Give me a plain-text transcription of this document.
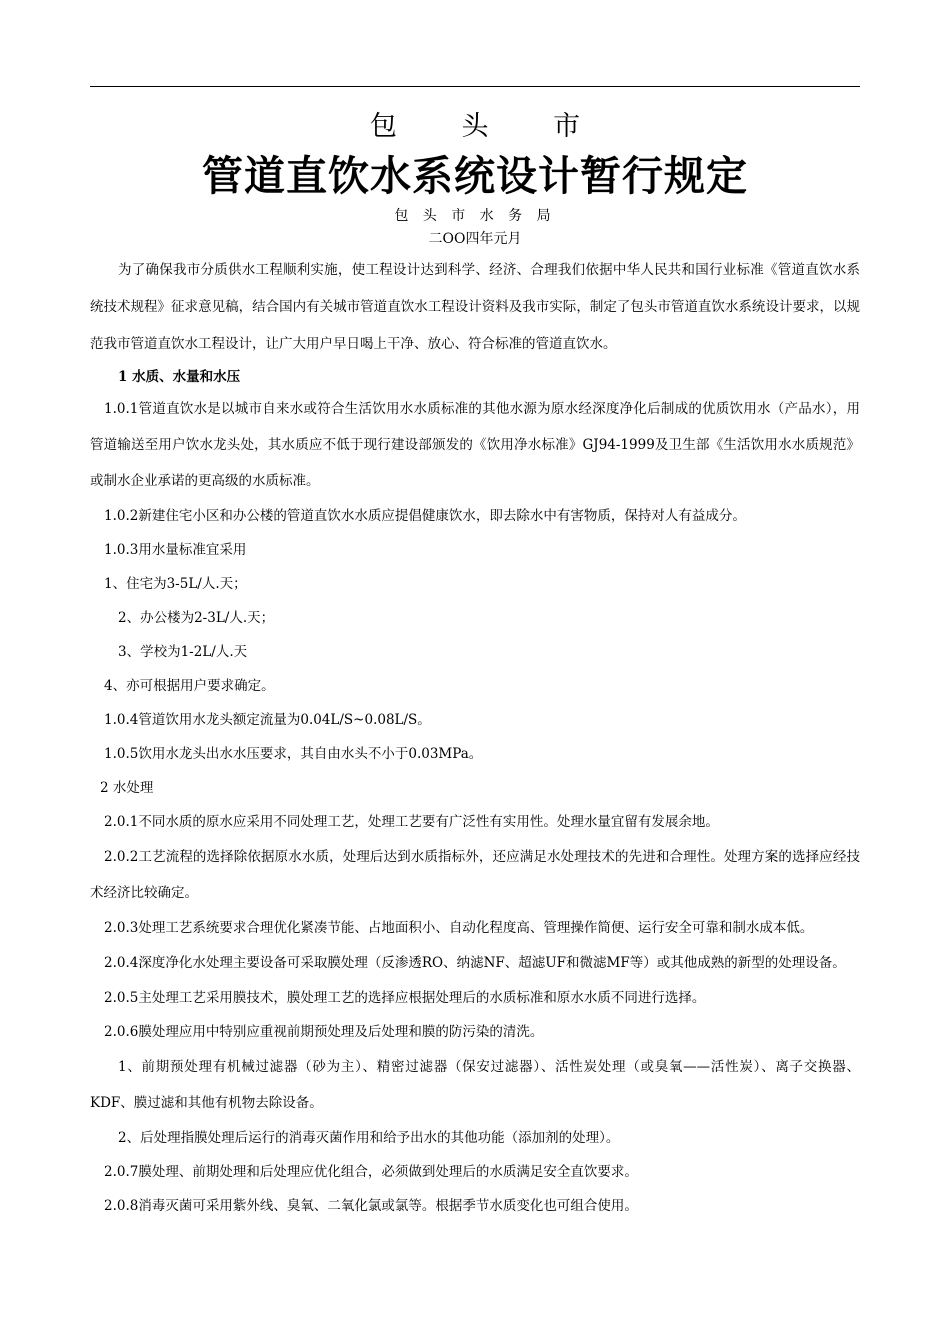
包 头 市
管道直饮水系统设计暂行规定
包 头 市 水 务 局
二OO四年元月

为了确保我市分质供水工程顺利实施，使工程设计达到科学、经济、合理我们依据中华人民共和国行业标准《管道直饮水系统技术规程》征求意见稿，结合国内有关城市管道直饮水工程设计资料及我市实际，制定了包头市管道直饮水系统设计要求，以规范我市管道直饮水工程设计，让广大用户早日喝上干净、放心、符合标准的管道直饮水。

1 水质、水量和水压

1.0.1管道直饮水是以城市自来水或符合生活饮用水水质标准的其他水源为原水经深度净化后制成的优质饮用水（产品水），用管道输送至用户饮水龙头处，其水质应不低于现行建设部颁发的《饮用净水标准》GJ94-1999及卫生部《生活饮用水水质规范》或制水企业承诺的更高级的水质标准。

1.0.2新建住宅小区和办公楼的管道直饮水水质应提倡健康饮水，即去除水中有害物质，保持对人有益成分。

1.0.3用水量标准宜采用

1、住宅为3-5L/人.天；

2、办公楼为2-3L/人.天；

3、学校为1-2L/人.天

4、亦可根据用户要求确定。

1.0.4管道饮用水龙头额定流量为0.04L/S~0.08L/S。

1.0.5饮用水龙头出水水压要求，其自由水头不小于0.03MPa。

2 水处理

2.0.1不同水质的原水应采用不同处理工艺，处理工艺要有广泛性有实用性。处理水量宜留有发展余地。

2.0.2工艺流程的选择除依据原水水质，处理后达到水质指标外，还应满足水处理技术的先进和合理性。处理方案的选择应经技术经济比较确定。

2.0.3处理工艺系统要求合理优化紧凑节能、占地面积小、自动化程度高、管理操作简便、运行安全可靠和制水成本低。

2.0.4深度净化水处理主要设备可采取膜处理（反渗透RO、纳滤NF、超滤UF和微滤MF等）或其他成熟的新型的处理设备。

2.0.5主处理工艺采用膜技术，膜处理工艺的选择应根据处理后的水质标准和原水水质不同进行选择。

2.0.6膜处理应用中特别应重视前期预处理及后处理和膜的防污染的清洗。

1、前期预处理有机械过滤器（砂为主）、精密过滤器（保安过滤器）、活性炭处理（或臭氧——活性炭）、离子交换器、KDF、膜过滤和其他有机物去除设备。

2、后处理指膜处理后运行的消毒灭菌作用和给予出水的其他功能（添加剂的处理）。

2.0.7膜处理、前期处理和后处理应优化组合，必须做到处理后的水质满足安全直饮要求。

2.0.8消毒灭菌可采用紫外线、臭氧、二氧化氯或氯等。根据季节水质变化也可组合使用。
